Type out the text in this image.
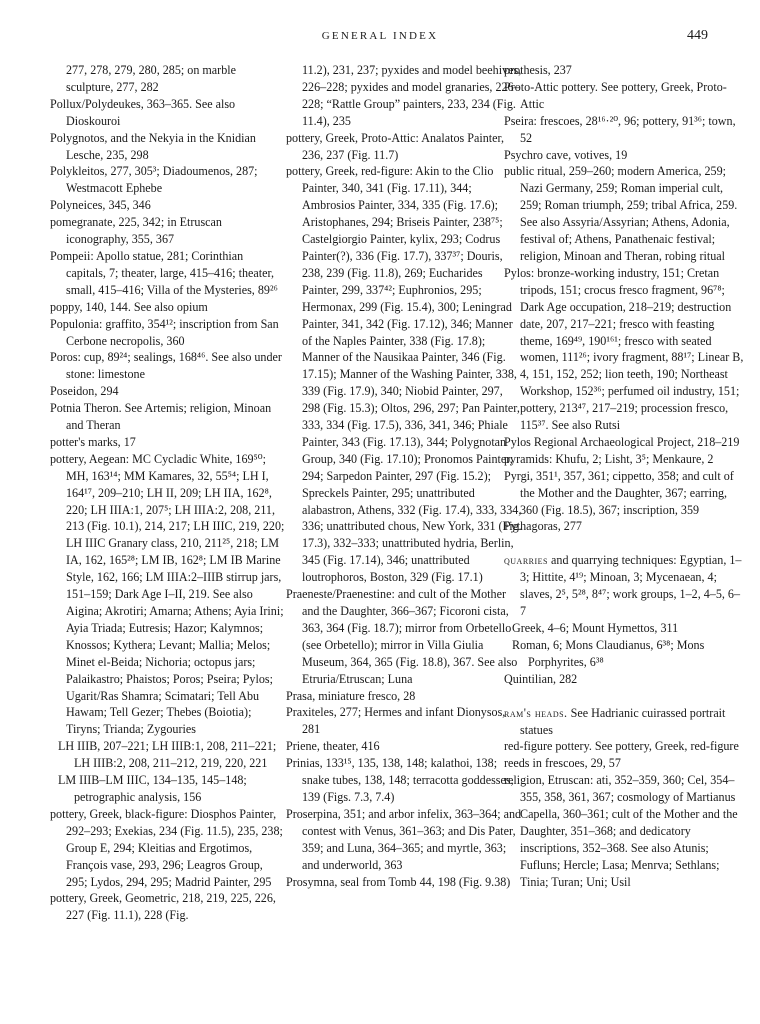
GENERAL INDEX	449

277, 278, 279, 280, 285; on marble sculpture, 277, 282

Pollux/Polydeukes, 363–365. See also Dioskouroi

Polygnotos, and the Nekyia in the Knidian Lesche, 235, 298

Polykleitos, 277, 305³; Diadoumenos, 287; Westmacott Ephebe

Polyneices, 345, 346

pomegranate, 225, 342; in Etruscan iconography, 355, 367

Pompeii: Apollo statue, 281; Corinthian capitals, 7; theater, large, 415–416; theater, small, 415–416; Villa of the Mysteries, 89²⁶

poppy, 140, 144. See also opium

Populonia: graffito, 354¹²; inscription from San Cerbone necropolis, 360

Poros: cup, 89²⁴; sealings, 168⁴⁶. See also under stone: limestone

Poseidon, 294

Potnia Theron. See Artemis; religion, Minoan and Theran

potter's marks, 17

pottery, Aegean: MC Cycladic White, 169⁵⁰; MH, 163¹⁴; MM Kamares, 32, 55⁵⁴; LH I, 164¹⁷, 209–210; LH II, 209; LH IIA, 162⁸, 220; LH IIIA:1, 207⁵; LH IIIA:2, 208, 211, 213 (Fig. 10.1), 214, 217; LH IIIC, 219, 220; LH IIIC Granary class, 210, 211²⁵, 218; LM IA, 162, 165²⁸; LM IB, 162⁸; LM IB Marine Style, 162, 166; LM IIIA:2–IIIB stirrup jars, 151–159; Dark Age I–II, 219. See also Aigina; Akrotiri; Amarna; Athens; Ayia Irini; Ayia Triada; Eutresis; Hazor; Kalymnos; Knossos; Kythera; Levant; Mallia; Melos; Minet el-Beida; Nichoria; octopus jars; Palaikastro; Phaistos; Poros; Pseira; Pylos; Ugarit/Ras Shamra; Scimatari; Tell Abu Hawam; Tell Gezer; Thebes (Boiotia); Tiryns; Trianda; Zygouries

LH IIIB, 207–221; LH IIIB:1, 208, 211–221; LH IIIB:2, 208, 211–212, 219, 220, 221

LM IIIB–LM IIIC, 134–135, 145–148; petrographic analysis, 156

pottery, Greek, black-figure: Diosphos Painter, 292–293; Exekias, 234 (Fig. 11.5), 235, 238; Group E, 294; Kleitias and Ergotimos, François vase, 293, 296; Leagros Group, 295; Lydos, 294, 295; Madrid Painter, 295

pottery, Greek, Geometric, 218, 219, 225, 226, 227 (Fig. 11.1), 228 (Fig.

11.2), 231, 237; pyxides and model beehives, 226–228; pyxides and model granaries, 226–228; “Rattle Group” painters, 233, 234 (Fig. 11.4), 235

pottery, Greek, Proto-Attic: Analatos Painter, 236, 237 (Fig. 11.7)

pottery, Greek, red-figure: Akin to the Clio Painter, 340, 341 (Fig. 17.11), 344; Ambrosios Painter, 334, 335 (Fig. 17.6); Aristophanes, 294; Briseis Painter, 238⁷⁵; Castelgiorgio Painter, kylix, 293; Codrus Painter(?), 336 (Fig. 17.7), 337³⁷; Douris, 238, 239 (Fig. 11.8), 269; Eucharides Painter, 299, 337⁴²; Euphronios, 295; Hermonax, 299 (Fig. 15.4), 300; Leningrad Painter, 341, 342 (Fig. 17.12), 346; Manner of the Naples Painter, 338 (Fig. 17.8); Manner of the Nausikaa Painter, 346 (Fig. 17.15); Manner of the Washing Painter, 338, 339 (Fig. 17.9), 340; Niobid Painter, 297, 298 (Fig. 15.3); Oltos, 296, 297; Pan Painter, 333, 334 (Fig. 17.5), 336, 341, 346; Phiale Painter, 343 (Fig. 17.13), 344; Polygnotan Group, 340 (Fig. 17.10); Pronomos Painter, 294; Sarpedon Painter, 297 (Fig. 15.2); Spreckels Painter, 295; unattributed alabastron, Athens, 332 (Fig. 17.4), 333, 334, 336; unattributed chous, New York, 331 (Fig. 17.3), 332–333; unattributed hydria, Berlin, 345 (Fig. 17.14), 346; unattributed loutrophoros, Boston, 329 (Fig. 17.1)

Praeneste/Praenestine: and cult of the Mother and the Daughter, 366–367; Ficoroni cista, 363, 364 (Fig. 18.7); mirror from Orbetello (see Orbetello); mirror in Villa Giulia Museum, 364, 365 (Fig. 18.8), 367. See also Etruria/Etruscan; Luna

Prasa, miniature fresco, 28

Praxiteles, 277; Hermes and infant Dionysos, 281

Priene, theater, 416

Prinias, 133¹⁵, 135, 138, 148; kalathoi, 138; snake tubes, 138, 148; terracotta goddesses, 139 (Figs. 7.3, 7.4)

Proserpina, 351; and arbor infelix, 363–364; and contest with Venus, 361–363; and Dis Pater, 359; and Luna, 364–365; and myrtle, 363; and underworld, 363

Prosymna, seal from Tomb 44, 198 (Fig. 9.38)

prothesis, 237

Proto-Attic pottery. See pottery, Greek, Proto-Attic

Pseira: frescoes, 28¹⁶·²⁰, 96; pottery, 91³⁶; town, 52

Psychro cave, votives, 19

public ritual, 259–260; modern America, 259; Nazi Germany, 259; Roman imperial cult, 259; Roman triumph, 259; tribal Africa, 259. See also Assyria/Assyrian; Athens, Adonia, festival of; Athens, Panathenaic festival; religion, Minoan and Theran, robing ritual

Pylos: bronze-working industry, 151; Cretan tripods, 151; crocus fresco fragment, 96⁷⁸; Dark Age occupation, 218–219; destruction date, 207, 217–221; fresco with feasting theme, 169⁴⁹, 190¹⁶¹; fresco with seated women, 111²⁶; ivory fragment, 88¹⁷; Linear B, 4, 151, 152, 252; lion teeth, 190; Northeast Workshop, 152³⁶; perfumed oil industry, 151; pottery, 213⁴⁷, 217–219; procession fresco, 115³⁷. See also Rutsi

Pylos Regional Archaeological Project, 218–219

pyramids: Khufu, 2; Lisht, 3⁵; Menkaure, 2

Pyrgi, 351¹, 357, 361; cippetto, 358; and cult of the Mother and the Daughter, 367; earring, 360 (Fig. 18.5), 367; inscription, 359

Pythagoras, 277

quarries and quarrying techniques: Egyptian, 1–3; Hittite, 4¹⁹; Minoan, 3; Mycenaean, 4; slaves, 2⁵, 5²⁸, 8⁴⁷; work groups, 1–2, 4–5, 6–7

Greek, 4–6; Mount Hymettos, 311

Roman, 6; Mons Claudianus, 6³⁸; Mons Porphyrites, 6³⁸

Quintilian, 282

ram's heads. See Hadrianic cuirassed portrait statues

red-figure pottery. See pottery, Greek, red-figure

reeds in frescoes, 29, 57

religion, Etruscan: ati, 352–359, 360; Cel, 354–355, 358, 361, 367; cosmology of Martianus Capella, 360–361; cult of the Mother and the Daughter, 351–368; and dedicatory inscriptions, 352–368. See also Atunis; Fufluns; Hercle; Lasa; Menrva; Sethlans; Tinia; Turan; Uni; Usil
